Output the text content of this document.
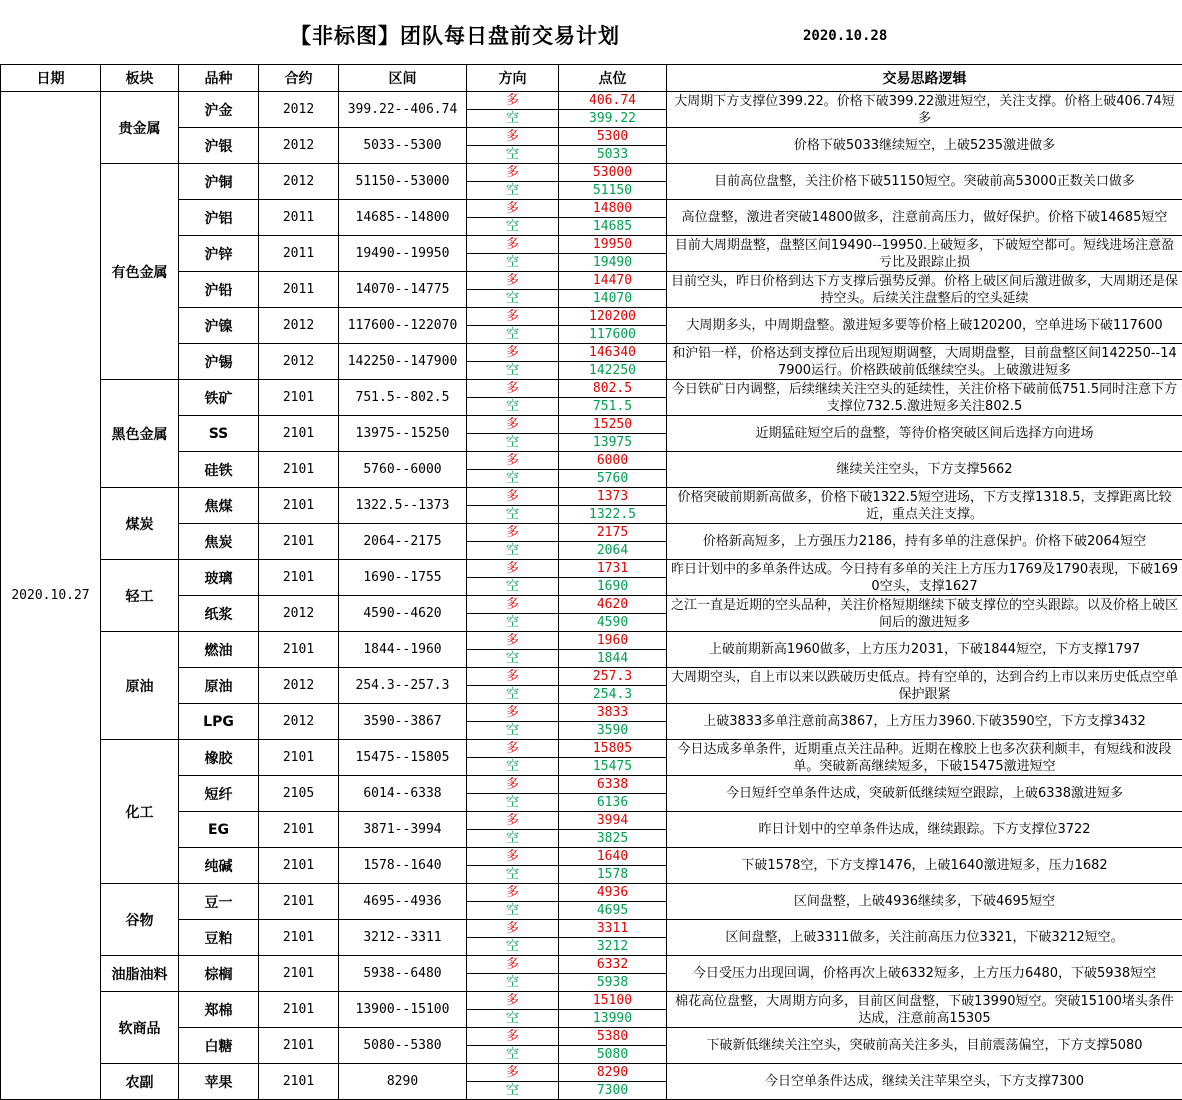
【非标图】团队每日盘前交易计划	2020.10.28
日期	板块	品种	合约	区间	方向	点位	交易思路逻辑
2020.10.27	贵金属	沪金	2012	399.22--406.74	多	406.74	大周期下方支撑位399.22。价格下破399.22激进短空，关注支撑。价格上破406.74短多
					空	399.22	
		沪银	2012	5033--5300	多	5300	价格下破5033继续短空，上破5235激进做多
					空	5033	
	有色金属	沪铜	2012	51150--53000	多	53000	目前高位盘整，关注价格下破51150短空。突破前高53000正数关口做多
					空	51150	
		沪铝	2011	14685--14800	多	14800	高位盘整，激进者突破14800做多，注意前高压力，做好保护。价格下破14685短空
					空	14685	
		沪锌	2011	19490--19950	多	19950	目前大周期盘整，盘整区间19490--19950.上破短多，下破短空都可。短线进场注意盈亏比及跟踪止损
					空	19490	
		沪铅	2011	14070--14775	多	14470	目前空头，昨日价格到达下方支撑后强势反弹。价格上破区间后激进做多，大周期还是保持空头。后续关注盘整后的空头延续
					空	14070	
		沪镍	2012	117600--122070	多	120200	大周期多头，中周期盘整。激进短多要等价格上破120200，空单进场下破117600
					空	117600	
		沪锡	2012	142250--147900	多	146340	和沪铅一样，价格达到支撑位后出现短期调整，大周期盘整，目前盘整区间142250--147900运行。价格跌破前低继续空头。上破激进短多
					空	142250	
	黑色金属	铁矿	2101	751.5--802.5	多	802.5	今日铁矿日内调整，后续继续关注空头的延续性，关注价格下破前低751.5同时注意下方支撑位732.5.激进短多关注802.5
					空	751.5	
		SS	2101	13975--15250	多	15250	近期猛砫短空后的盘整，等待价格突破区间后选择方向进场
					空	13975	
		硅铁	2101	5760--6000	多	6000	继续关注空头，下方支撑5662
					空	5760	
	煤炭	焦煤	2101	1322.5--1373	多	1373	价格突破前期新高做多，价格下破1322.5短空进场，下方支撑1318.5，支撑距离比较近，重点关注支撑。
					空	1322.5	
		焦炭	2101	2064--2175	多	2175	价格新高短多，上方强压力2186，持有多单的注意保护。价格下破2064短空
					空	2064	
	轻工	玻璃	2101	1690--1755	多	1731	昨日计划中的多单条件达成。今日持有多单的关注上方压力1769及1790表现，下破1690空头，支撑1627
					空	1690	
		纸浆	2012	4590--4620	多	4620	之江一直是近期的空头品种，关注价格短期继续下破支撑位的空头跟踪。以及价格上破区间后的激进短多
					空	4590	
	原油	燃油	2101	1844--1960	多	1960	上破前期新高1960做多，上方压力2031，下破1844短空，下方支撑1797
					空	1844	
		原油	2012	254.3--257.3	多	257.3	大周期空头，自上市以来以跌破历史低点。持有空单的，达到合约上市以来历史低点空单保护跟紧
					空	254.3	
		LPG	2012	3590--3867	多	3833	上破3833多单注意前高3867，上方压力3960.下破3590空，下方支撑3432
					空	3590	
	化工	橡胶	2101	15475--15805	多	15805	今日达成多单条件，近期重点关注品种。近期在橡胶上也多次获利颇丰，有短线和波段单。突破新高继续短多，下破15475激进短空
					空	15475	
		短纤	2105	6014--6338	多	6338	今日短纤空单条件达成，突破新低继续短空跟踪，上破6338激进短多
					空	6136	
		EG	2101	3871--3994	多	3994	昨日计划中的空单条件达成，继续跟踪。下方支撑位3722
					空	3825	
		纯碱	2101	1578--1640	多	1640	下破1578空，下方支撑1476，上破1640激进短多，压力1682
					空	1578	
	谷物	豆一	2101	4695--4936	多	4936	区间盘整，上破4936继续多，下破4695短空
					空	4695	
		豆粕	2101	3212--3311	多	3311	区间盘整，上破3311做多，关注前高压力位3321，下破3212短空。
					空	3212	
	油脂油料	棕榈	2101	5938--6480	多	6332	今日受压力出现回调，价格再次上破6332短多，上方压力6480，下破5938短空
					空	5938	
	软商品	郑棉	2101	13900--15100	多	15100	棉花高位盘整，大周期方向多，目前区间盘整，下破13990短空。突破15100堵头条件达成，注意前高15305
					空	13990	
		白糖	2101	5080--5380	多	5380	下破新低继续关注空头，突破前高关注多头，目前震荡偏空，下方支撑5080
					空	5080	
	农副	苹果	2101	8290	多	8290	今日空单条件达成，继续关注苹果空头，下方支撑7300
					空	7300	
